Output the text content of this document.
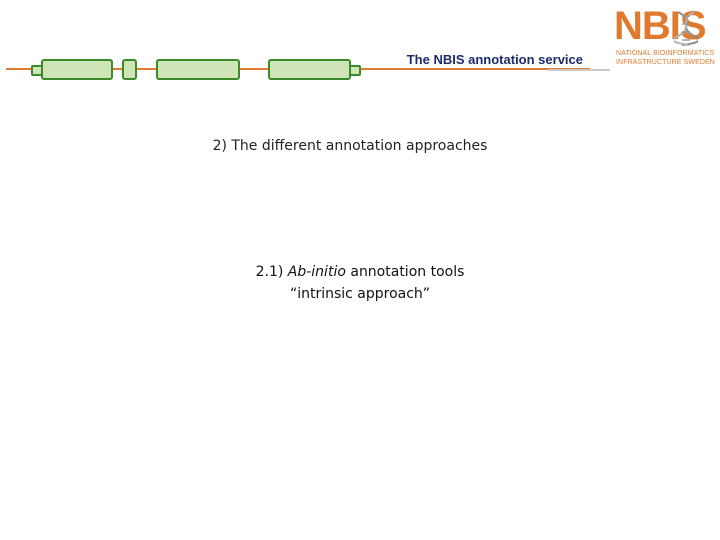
The NBIS annotation service
NBIS
NATIONAL BIOINFORMATICS
INFRASTRUCTURE SWEDEN
2) The different annotation approaches
2.1) Ab-initio annotation tools
“intrinsic approach”
